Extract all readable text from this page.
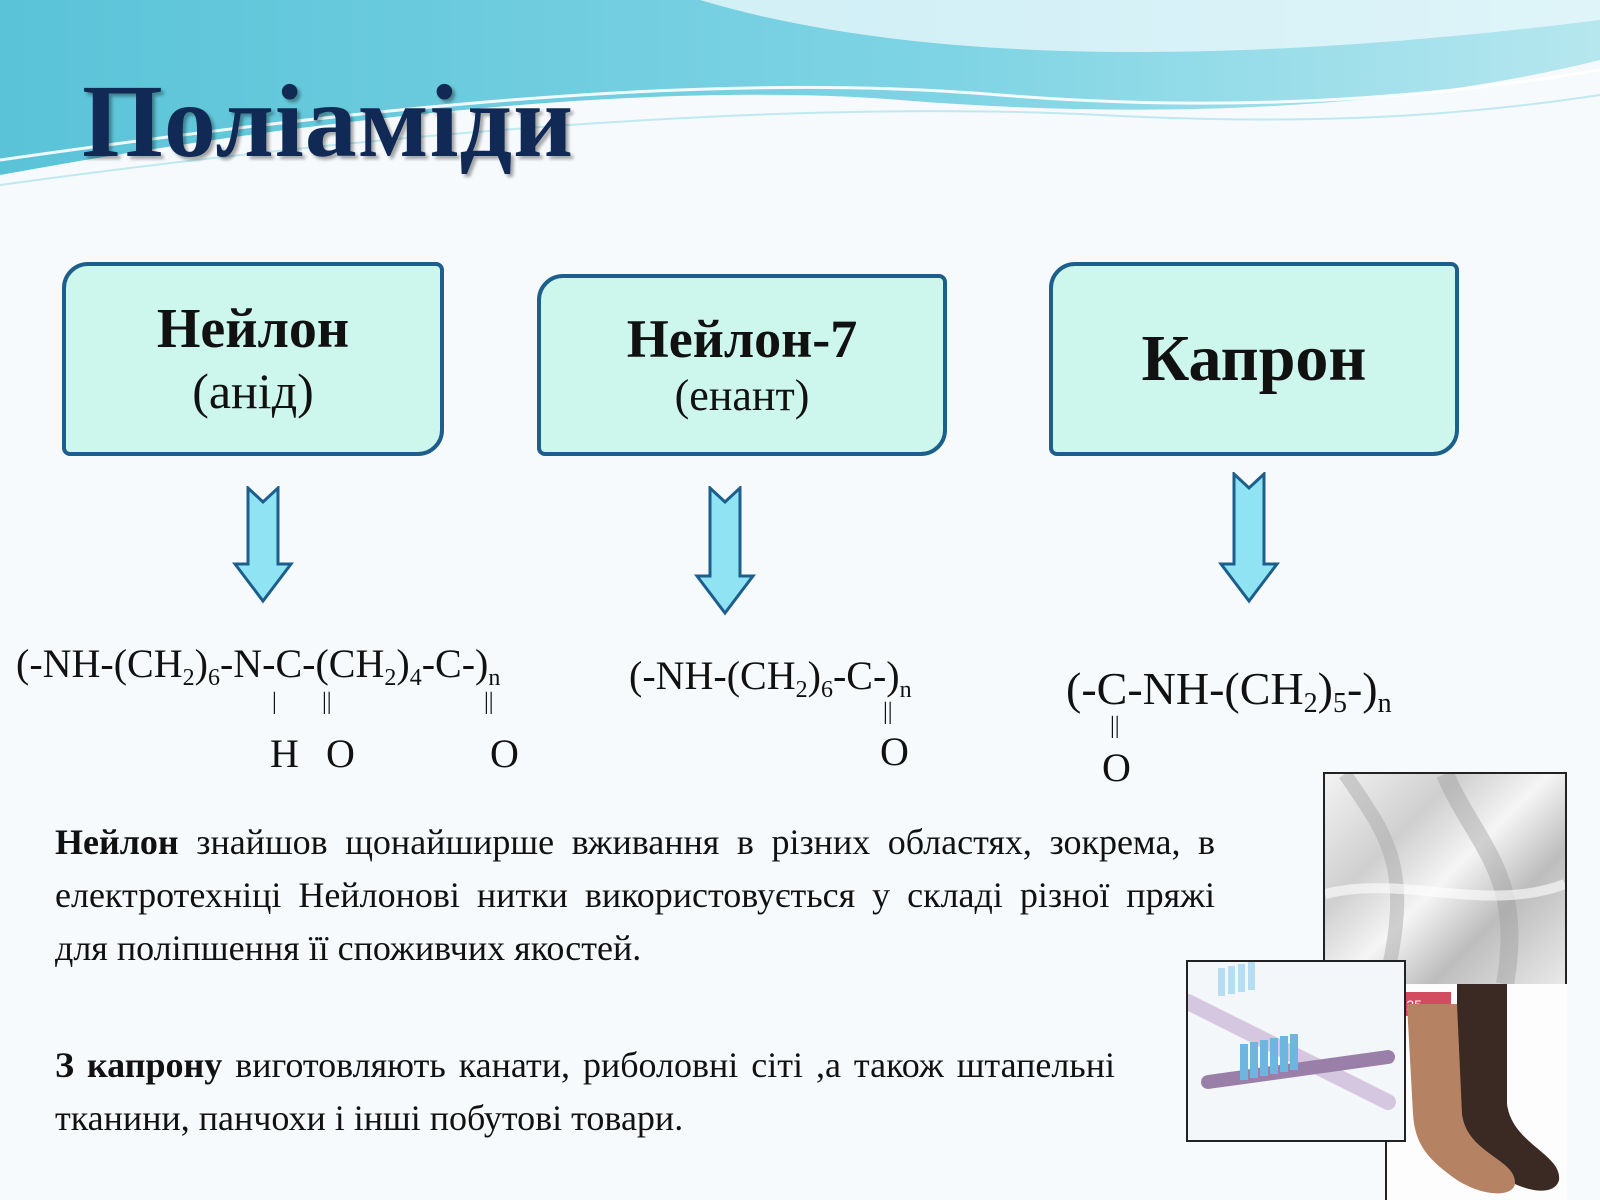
Поліаміди
Нейлон
(анід)
Нейлон-7
(енант)
Капрон
$(-NH-(CH_2)_6-N-C-(CH_2)_4-C-)_n$
| ||	||
H O	O
$(-NH-(CH_2)_6-C-)_n$
||
O
$(-C-NH-(CH_2)_5-)_n$
||
O
Нейлон знайшов щонайширше вживання в різних областях, зокрема, в електротехніці Нейлонові нитки використовується у складі різної пряжі для поліпшення її споживчих якостей.
З капрону виготовляють канати, риболовні сіті ,а також штапельні тканини, панчохи і інші побутові товари.
